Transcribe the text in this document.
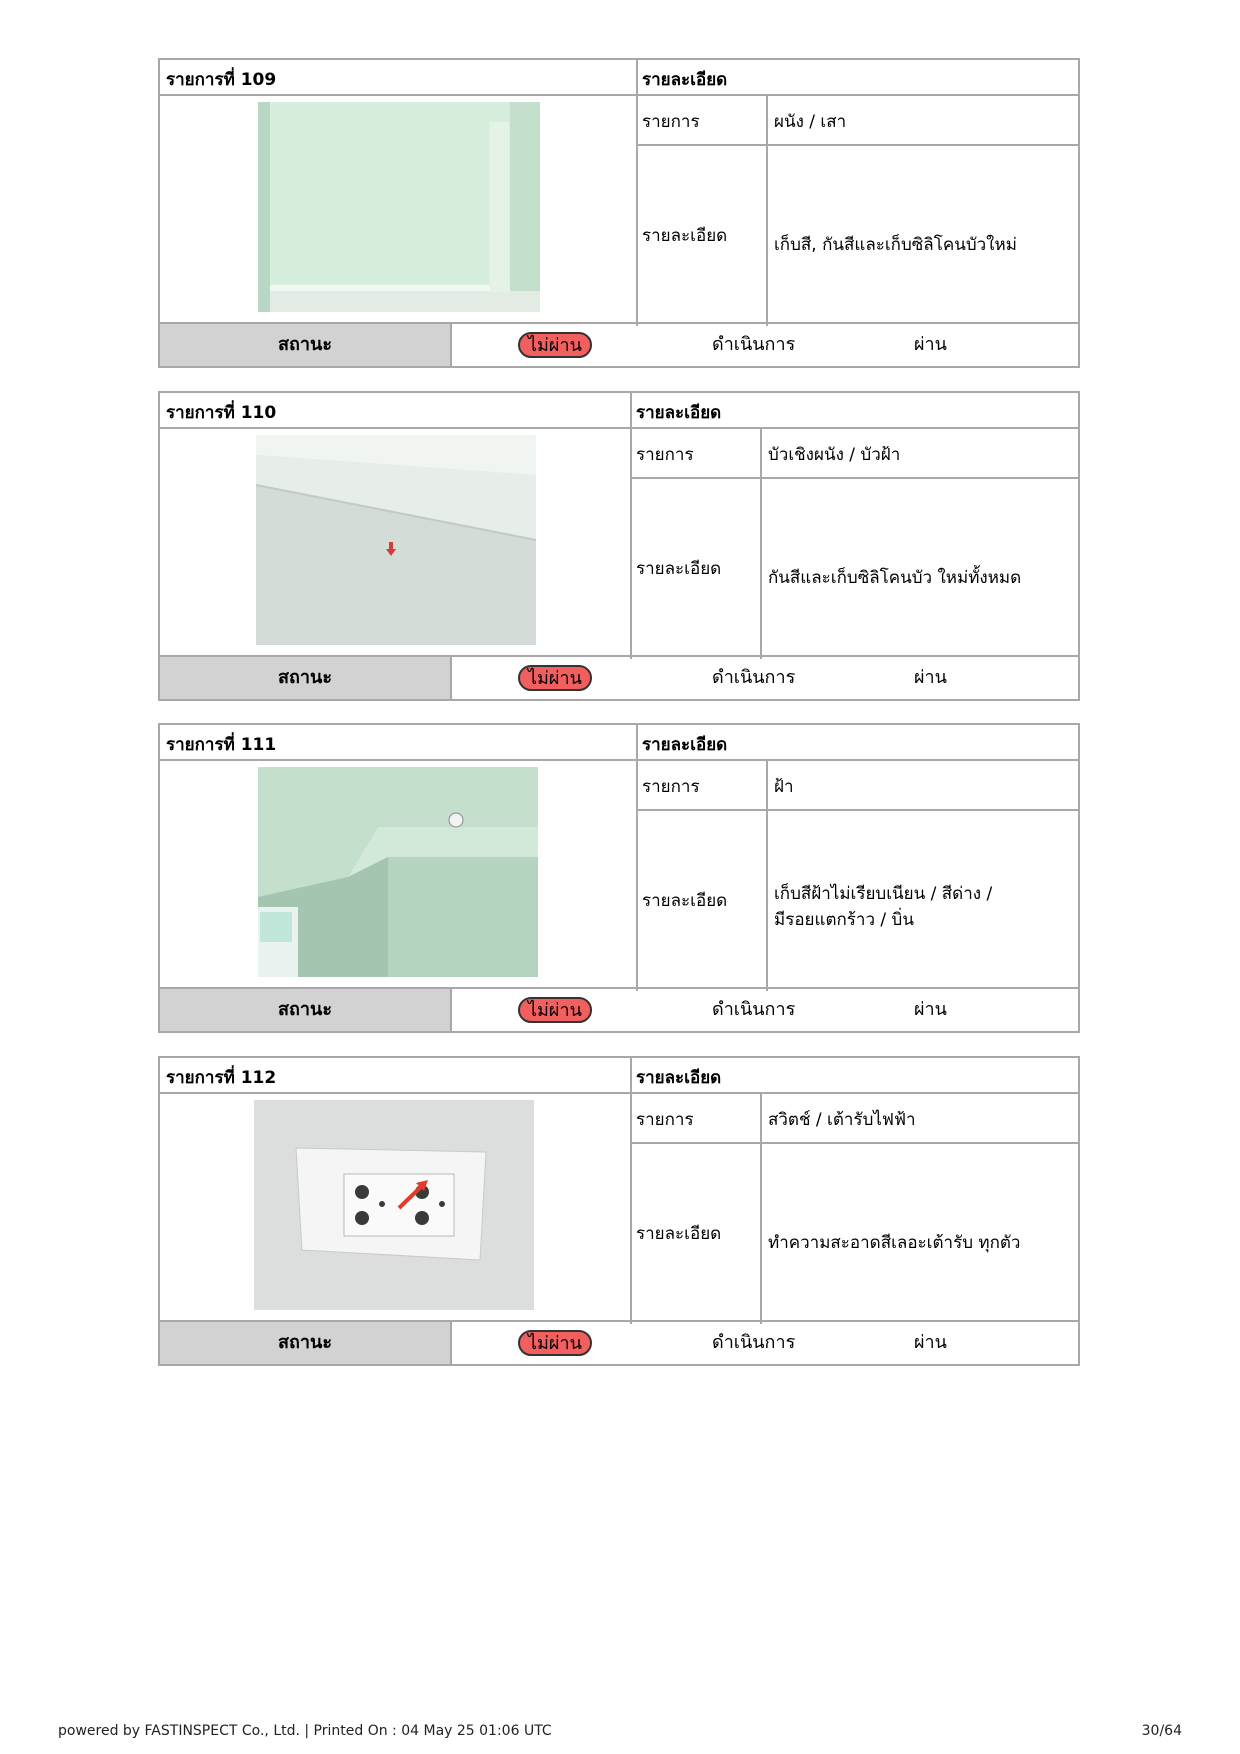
รายการที่ 109	รายละเอียด
รายการ	ผนัง / เสา
รายละเอียด	เก็บสี, กันสีและเก็บซิลิโคนบัวใหม่
สถานะ	ไม่ผ่าน	ดำเนินการ	ผ่าน
รายการที่ 110	รายละเอียด
รายการ	บัวเชิงผนัง / บัวฝ้า
รายละเอียด	กันสีและเก็บซิลิโคนบัว ใหม่ทั้งหมด
สถานะ	ไม่ผ่าน	ดำเนินการ	ผ่าน
รายการที่ 111	รายละเอียด
รายการ	ฝ้า
รายละเอียด	เก็บสีฝ้าไม่เรียบเนียน / สีด่าง /
มีรอยแตกร้าว / บิ่น
สถานะ	ไม่ผ่าน	ดำเนินการ	ผ่าน
รายการที่ 112	รายละเอียด
รายการ	สวิตช์ / เต้ารับไฟฟ้า
รายละเอียด	ทำความสะอาดสีเลอะเต้ารับ ทุกตัว
สถานะ	ไม่ผ่าน	ดำเนินการ	ผ่าน
powered by FASTINSPECT Co., Ltd. | Printed On : 04 May 25 01:06 UTC	30/64
